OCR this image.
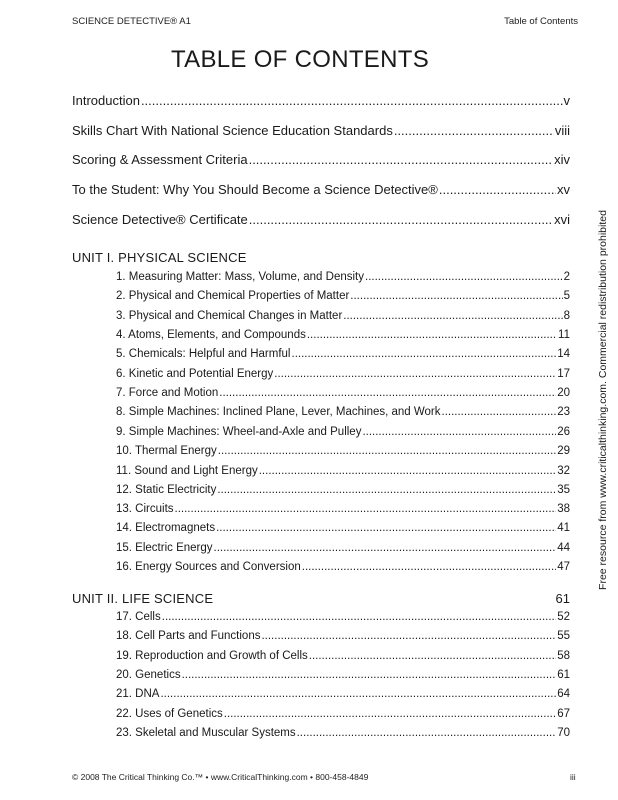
SCIENCE DETECTIVE® A1	Table of Contents
TABLE OF CONTENTS
Introduction .....	v
Skills Chart With National Science Education Standards .....	viii
Scoring & Assessment Criteria .....	xiv
To the Student: Why You Should Become a Science Detective® .....	xv
Science Detective® Certificate .....	xvi
UNIT I. PHYSICAL SCIENCE
1. Measuring Matter: Mass, Volume, and Density .....	2
2. Physical and Chemical Properties of Matter .....	5
3. Physical and Chemical Changes in Matter .....	8
4. Atoms, Elements, and Compounds .....	11
5. Chemicals: Helpful and Harmful .....	14
6. Kinetic and Potential Energy .....	17
7. Force and Motion .....	20
8. Simple Machines: Inclined Plane, Lever, Machines, and Work .....	23
9. Simple Machines: Wheel-and-Axle and Pulley .....	26
10. Thermal Energy .....	29
11. Sound and Light Energy .....	32
12. Static Electricity .....	35
13. Circuits .....	38
14. Electromagnets .....	41
15. Electric Energy .....	44
16. Energy Sources and Conversion .....	47
UNIT II. LIFE SCIENCE	61
17. Cells .....	52
18. Cell Parts and Functions .....	55
19. Reproduction and Growth of Cells .....	58
20. Genetics .....	61
21. DNA .....	64
22. Uses of Genetics .....	67
23. Skeletal and Muscular Systems .....	70
Free resource from www.criticalthinking.com. Commercial redistribution prohibited
© 2008 The Critical Thinking Co.™ • www.CriticalThinking.com • 800-458-4849	iii
